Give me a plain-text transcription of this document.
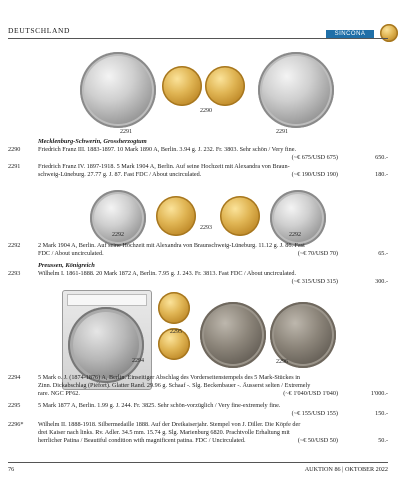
DEUTSCHLAND	SINCONA
2290
2291	2291
Mecklenburg-Schwerin, Grossherzogtum
2290	Friedrich Franz III. 1883-1897. 10 Mark 1890 A, Berlin. 3.94 g. J. 232. Fr. 3803. Sehr schön / Very fine.
(~€ 675/USD 675)	650.-
2291	Friedrich Franz IV. 1897-1918. 5 Mark 1904 A, Berlin. Auf seine Hochzeit mit Alexandra von Braun-
schweig-Lüneburg. 27.77 g. J. 87. Fast FDC / About uncirculated.	(~€ 190/USD 190)	180.-
2292
2293
2292
2292	2 Mark 1904 A, Berlin. Auf seine Hochzeit mit Alexandra von Braunschweig-Lüneburg. 11.12 g. J. 86. Fast
FDC / About uncirculated.	65.-
(~€ 70/USD 70)
Preussen, Königreich
2293	Wilhelm I. 1861-1888. 20 Mark 1872 A, Berlin. 7.95 g. J. 243. Fr. 3813. Fast FDC / About uncirculated.
(~€ 315/USD 315)	300.-
2295
2294	2296
2294	5 Mark o. J. (1874-1876) A, Berlin. Einseitiger Abschlag des Vorderseitenstempels des 5 Mark-Stückes in
Zinn. Dickabschlag (Piéfort). Glatter Rand. 29.96 g. Schaaf -. Slg. Beckenbauer -. Äusserst selten / Extremely
rare. NGC PF62.	(~€ 1'040/USD 1'040)	1'000.-
2295	5 Mark 1877 A, Berlin. 1.99 g. J. 244. Fr. 3825. Sehr schön-vorzüglich / Very fine-extremely fine.
(~€ 155/USD 155)	150.-
2296* Wilhelm II. 1888-1918. Silbermedaille 1888. Auf der Dreikaiserjahr. Stempel von J. Diller. Die Köpfe der
drei Kaiser nach links. Rv. Adler. 34.5 mm. 15.74 g. Slg. Marienburg 6820. Prachtvolle Erhaltung mit
herrlicher Patina / Beautiful condition with magnificent patina. FDC / Uncirculated.	(~€ 50/USD 50)	50.-
76	AUKTION 86 | OKTOBER 2022
